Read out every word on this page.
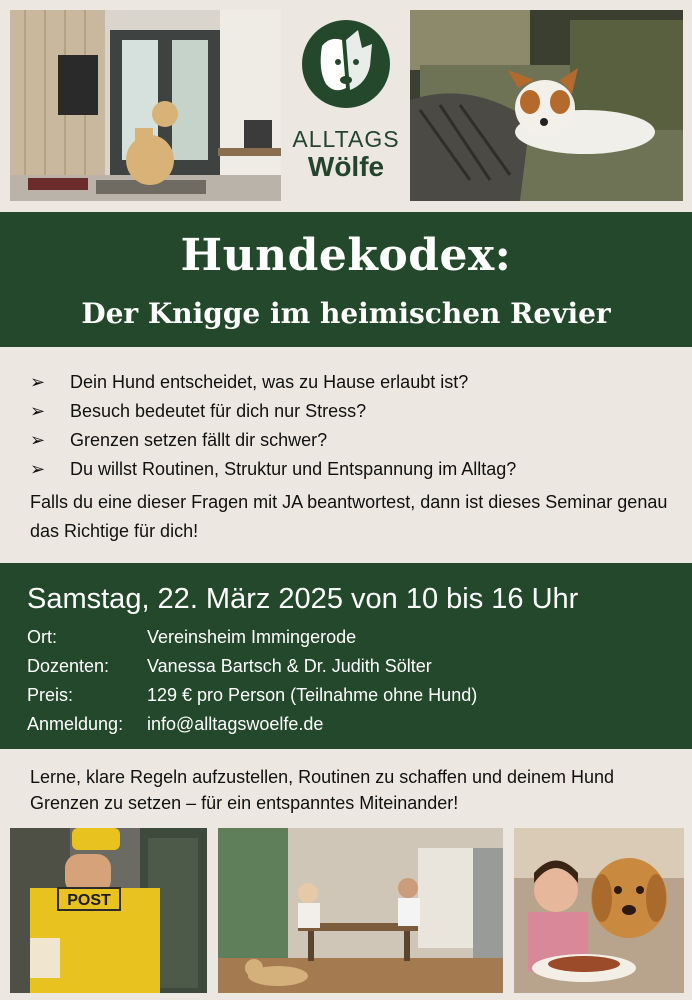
ALLTAGS
Wölfe
Hundekodex:
Der Knigge im heimischen Revier
➢	Dein Hund entscheidet, was zu Hause erlaubt ist?
➢	Besuch bedeutet für dich nur Stress?
➢	Grenzen setzen fällt dir schwer?
➢	Du willst Routinen, Struktur und Entspannung im Alltag?
Falls du eine dieser Fragen mit JA beantwortest, dann ist dieses Seminar genau das Richtige für dich!
Samstag, 22. März 2025 von 10 bis 16 Uhr
Ort:	Vereinsheim Immingerode
Dozenten: Vanessa Bartsch & Dr. Judith Sölter
Preis:	129 € pro Person (Teilnahme ohne Hund)
Anmeldung: info@alltagswoelfe.de
Lerne, klare Regeln aufzustellen, Routinen zu schaffen und deinem Hund Grenzen zu setzen – für ein entspanntes Miteinander!
POST
